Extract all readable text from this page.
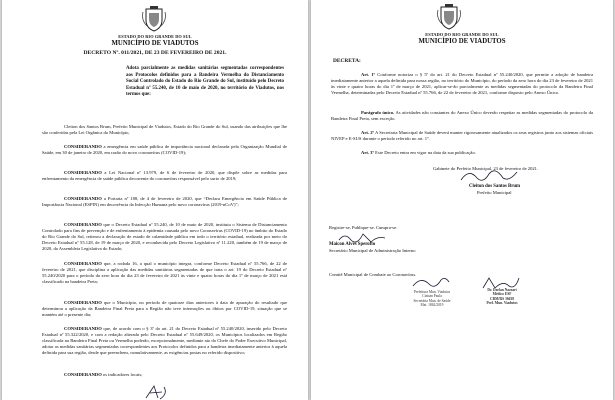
ESTADO DO RIO GRANDE DO SUL
MUNICÍPIO DE VIADUTOS
DECRETO Nº. 011/2021, DE 23 DE FEVEREIRO DE 2021.
Adota parcialmente as medidas sanitárias segmentadas correspondentes aos Protocolos definidos para a Bandeira Vermelha do Distanciamento Social Controlado do Estado do Rio Grande do Sul, instituído pelo Decreto Estadual nº 55.240, de 10 de maio de 2020, no território de Viadutos, nos termos que:
Cleiton dos Santos Brum, Prefeito Municipal de Viadutos, Estado do Rio Grande do Sul, usando das atribuições que lhe são conferidas pela Lei Orgânica do Município,
CONSIDERANDO a emergência em saúde pública de importância nacional declarada pela Organização Mundial de Saúde, em 30 de janeiro de 2020, em razão do novo coronavírus (COVID-19);
CONSIDERANDO a Lei Nacional nº 13.979, de 6 de fevereiro de 2020, que dispõe sobre as medidas para enfrentamento da emergência de saúde pública decorrente do coronavírus responsável pelo surto de 2019;
CONSIDERANDO a Portaria nº 188, de 4 de fevereiro de 2020, que “Declara Emergência em Saúde Pública de Importância Nacional (ESPIN) em decorrência da Infecção Humana pelo novo coronavírus (2019-nCoV)”;
CONSIDERANDO que o Decreto Estadual nº 55.240, de 10 de maio de 2020, instituiu o Sistema de Distanciamento Controlado para fins de prevenção e de enfrentamento à epidemia causada pelo novo Coronavírus (COVID-19) no âmbito do Estado do Rio Grande do Sul, reiterou a declaração de estado de calamidade pública em todo o território estadual, realizada por meio do Decreto Estadual nº 55.128, de 19 de março de 2020, e reconhecida pelo Decreto Legislativo nº 11.220, também de 19 de março de 2020, da Assembleia Legislativa do Estado;
CONSIDERANDO que, a rodada 16, a qual o município integra, conforme Decreto Estadual nº 55.766, de 22 de fevereiro de 2021, que disciplina a aplicação das medidas sanitárias segmentadas de que trata o art. 19 do Decreto Estadual nº 55.240/2020 para o período da zero hora do dia 23 de fevereiro de 2021 às vinte e quatro horas do dia 1º de março de 2021 está classificado na bandeira Preta;
CONSIDERANDO que o Município, no período de quatorze dias anteriores à data de apuração do resultado que determinou a aplicação da Bandeira Final Preta para a Região não teve internações ou óbitos por COVID-19, situação que se mantém até o presente dia;
CONSIDERANDO que, de acordo com o § 3º do art. 21 do Decreto Estadual nº 55.240/2020, inserido pelo Decreto Estadual nº 55.322/2020, e com a redação alterada pelo Decreto Estadual nº 55.649/2020, os Municípios localizados em Região classificada na Bandeira Final Preta ou Vermelha poderão, excepcionalmente, mediante ato do Chefe do Poder Executivo Municipal, adotar as medidas sanitárias segmentadas correspondentes aos Protocolos definidos para a bandeira imediatamente anterior à aquela definida para sua região, desde que preenchem, cumulativamente, as exigências postas no referido dispositivo;
CONSIDERANDO os indicadores locais;
ESTADO DO RIO GRANDE DO SUL
MUNICÍPIO DE VIADUTOS
DECRETA:
Art. 1º Conforme notoriza o § 5º do art. 21 do Decreto Estadual nº 55.240/2020, que permite a adoção de bandeira imediatamente anterior a aquela definida para nossa região, no território do Município, do período da zero hora do dia 23 de fevereiro de 2021 às vinte e quatro horas do dia 1º de março de 2021, aplicar-se-ão parcialmente as medidas segmentadas do protocolo da Bandeira Final Vermelha, determinadas pelo Decreto Estadual nº 55.766, de 22 de fevereiro de 2021, conforme disposto pelo Anexo Único.
Parágrafo único. As atividades não constantes do Anexo Único deverão respeitar as medidas segmentadas do protocolo da Bandeira Final Preta, sem exceção.
Art. 2º A Secretaria Municipal de Saúde deverá manter rigorosamente atualizados os seus registros junto aos sistemas oficiais NIVEP e E-SUS durante o período referido no art. 1º.
Art. 3º Este Decreto entra em vigor na data da sua publicação.
Gabinete do Prefeito Municipal, 23 de fevereiro de 2021.
Cleiton dos Santos Brum
Prefeito Municipal
Registre-se, Publique-se. Cumpra-se.
Maicon Alves Sperotto
Secretário Municipal de Administração Interno
Comitê Municipal de Combate ao Coronavírus.
Prefeitura Mun. Viadutos
Cintian Paula
Secretária Mun. de Saúde
Mat. 1862/2019
Dr. Darlan Nazzari
Médico ESF
CRM/RS 36638
Pref. Mun. Viadutos
